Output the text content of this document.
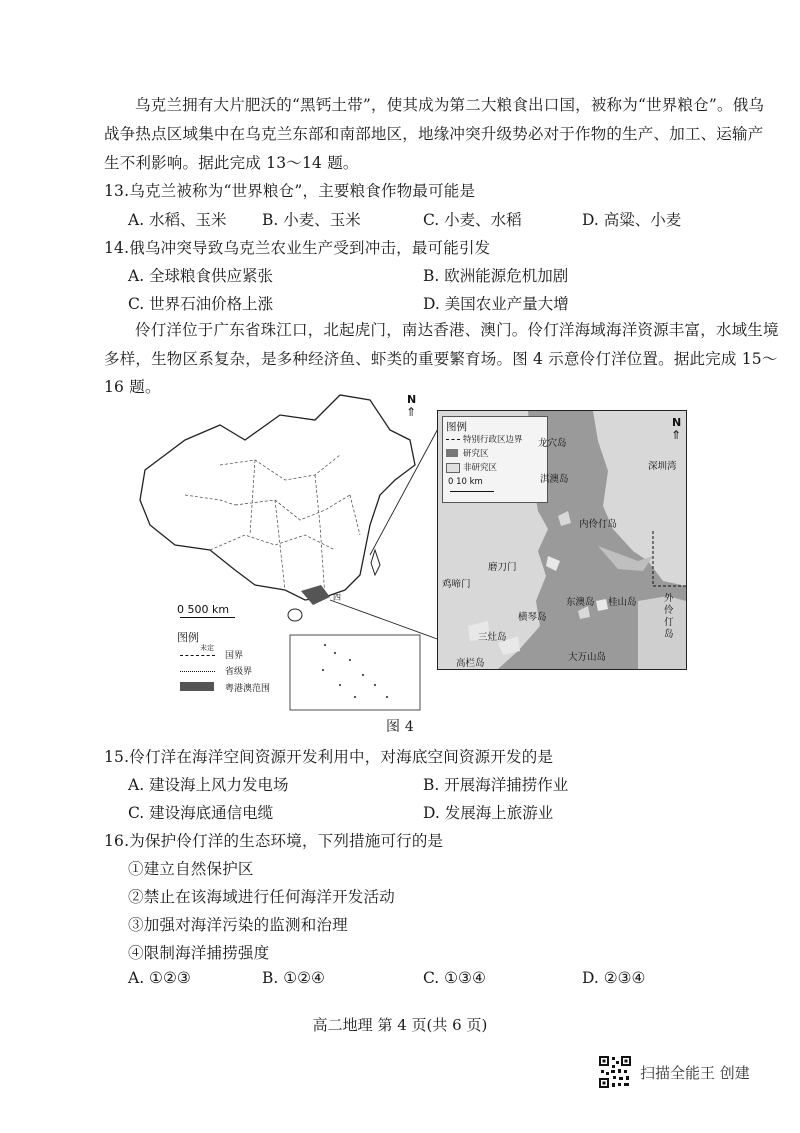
乌克兰拥有大片肥沃的“黑钙土带”，使其成为第二大粮食出口国，被称为“世界粮仓”。俄乌
战争热点区域集中在乌克兰东部和南部地区，地缘冲突升级势必对于作物的生产、加工、运输产
生不利影响。据此完成 13～14 题。
13.乌克兰被称为“世界粮仓”，主要粮食作物最可能是
A. 水稻、玉米 B. 小麦、玉米	C. 小麦、水稻	D. 高粱、小麦
14.俄乌冲突导致乌克兰农业生产受到冲击，最可能引发
A. 全球粮食供应紧张	B. 欧洲能源危机加剧
C. 世界石油价格上涨	D. 美国农业产量大增
伶仃洋位于广东省珠江口，北起虎门，南达香港、澳门。伶仃洋海域海洋资源丰富，水域生境
多样，生物区系复杂，是多种经济鱼、虾类的重要繁育场。图 4 示意伶仃洋位置。据此完成 15～
16 题。
N
⇑
四
0 500 km
图例
未定
国界
省级界
粤港澳范围
图例
特别行政区边界
研究区
非研究区
0 10 km
N
⇑
龙穴岛
深圳湾
淇澳岛
内伶仃岛
磨刀门
鸡啼门
东澳岛 桂山岛	外伶仃岛
横琴岛
三灶岛
高栏岛
大万山岛
图 4
15.伶仃洋在海洋空间资源开发利用中，对海底空间资源开发的是
A. 建设海上风力发电场	B. 开展海洋捕捞作业
C. 建设海底通信电缆	D. 发展海上旅游业
16.为保护伶仃洋的生态环境，下列措施可行的是
①建立自然保护区
②禁止在该海域进行任何海洋开发活动
③加强对海洋污染的监测和治理
④限制海洋捕捞强度
A. ①②③	B. ①②④	C. ①③④	D. ②③④
高二地理 第 4 页(共 6 页)
扫描全能王 创建
